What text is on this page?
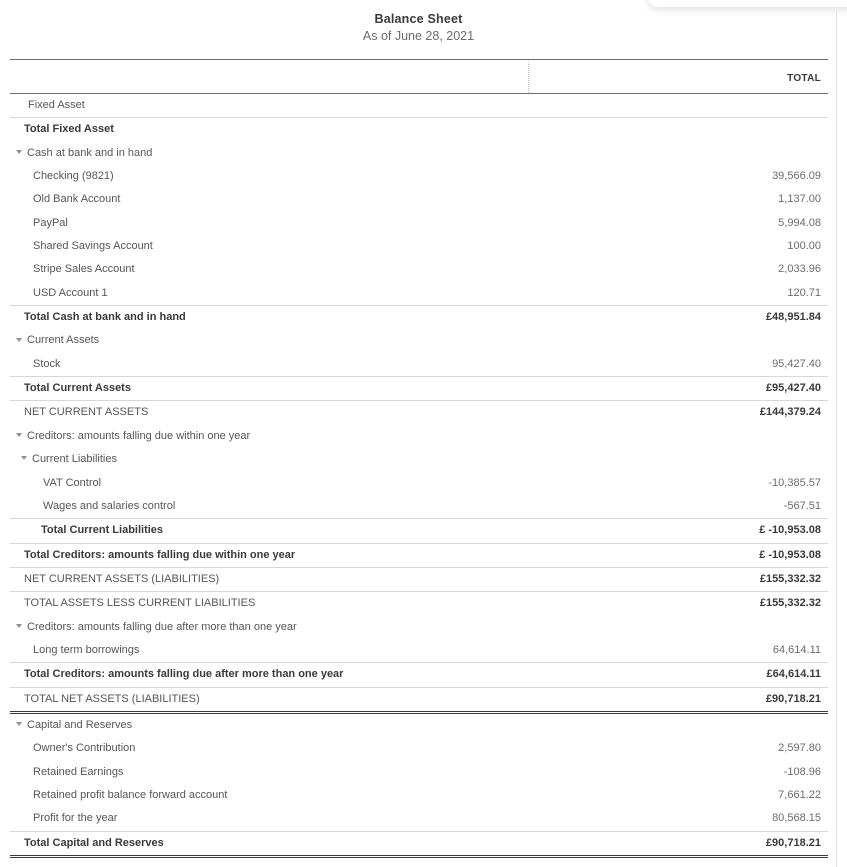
Balance Sheet
As of June 28, 2021
TOTAL
Fixed Asset
Total Fixed Asset
Cash at bank and in hand
Checking (9821)	39,566.09
Old Bank Account	1,137.00
PayPal	5,994.08
Shared Savings Account	100.00
Stripe Sales Account	2,033.96
USD Account 1	120.71
Total Cash at bank and in hand	£48,951.84
Current Assets
Stock	95,427.40
Total Current Assets	£95,427.40
NET CURRENT ASSETS	£144,379.24
Creditors: amounts falling due within one year
Current Liabilities
VAT Control	-10,385.57
Wages and salaries control	-567.51
Total Current Liabilities	£ -10,953.08
Total Creditors: amounts falling due within one year	£ -10,953.08
NET CURRENT ASSETS (LIABILITIES)	£155,332.32
TOTAL ASSETS LESS CURRENT LIABILITIES	£155,332.32
Creditors: amounts falling due after more than one year
Long term borrowings	64,614.11
Total Creditors: amounts falling due after more than one year	£64,614.11
TOTAL NET ASSETS (LIABILITIES)	£90,718.21
Capital and Reserves
Owner's Contribution	2,597.80
Retained Earnings	-108.96
Retained profit balance forward account	7,661.22
Profit for the year	80,568.15
Total Capital and Reserves	£90,718.21
